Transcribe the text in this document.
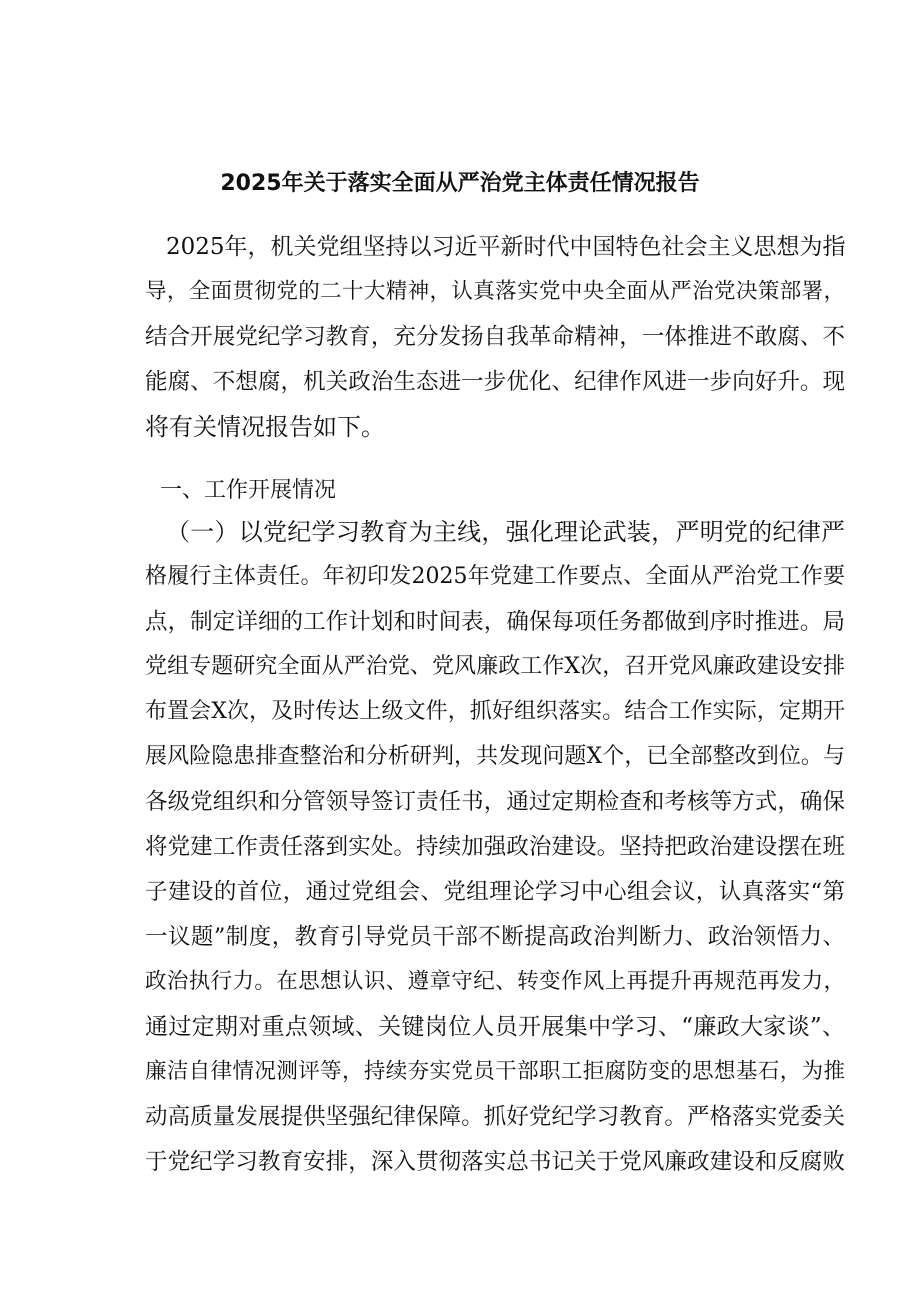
2025年关于落实全面从严治党主体责任情况报告
2025年，机关党组坚持以习近平新时代中国特色社会主义思想为指
导，全面贯彻党的二十大精神，认真落实党中央全面从严治党决策部署，
结合开展党纪学习教育，充分发扬自我革命精神，一体推进不敢腐、不
能腐、不想腐，机关政治生态进一步优化、纪律作风进一步向好升。现
将有关情况报告如下。
一、工作开展情况
（一）以党纪学习教育为主线，强化理论武装，严明党的纪律严
格履行主体责任。年初印发2025年党建工作要点、全面从严治党工作要
点，制定详细的工作计划和时间表，确保每项任务都做到序时推进。局
党组专题研究全面从严治党、党风廉政工作X次，召开党风廉政建设安排
布置会X次，及时传达上级文件，抓好组织落实。结合工作实际，定期开
展风险隐患排查整治和分析研判，共发现问题X个，已全部整改到位。与
各级党组织和分管领导签订责任书，通过定期检查和考核等方式，确保
将党建工作责任落到实处。持续加强政治建设。坚持把政治建设摆在班
子建设的首位，通过党组会、党组理论学习中心组会议，认真落实“第
一议题”制度，教育引导党员干部不断提高政治判断力、政治领悟力、
政治执行力。在思想认识、遵章守纪、转变作风上再提升再规范再发力，
通过定期对重点领域、关键岗位人员开展集中学习、“廉政大家谈”、
廉洁自律情况测评等，持续夯实党员干部职工拒腐防变的思想基石，为推
动高质量发展提供坚强纪律保障。抓好党纪学习教育。严格落实党委关
于党纪学习教育安排，深入贯彻落实总书记关于党风廉政建设和反腐败
